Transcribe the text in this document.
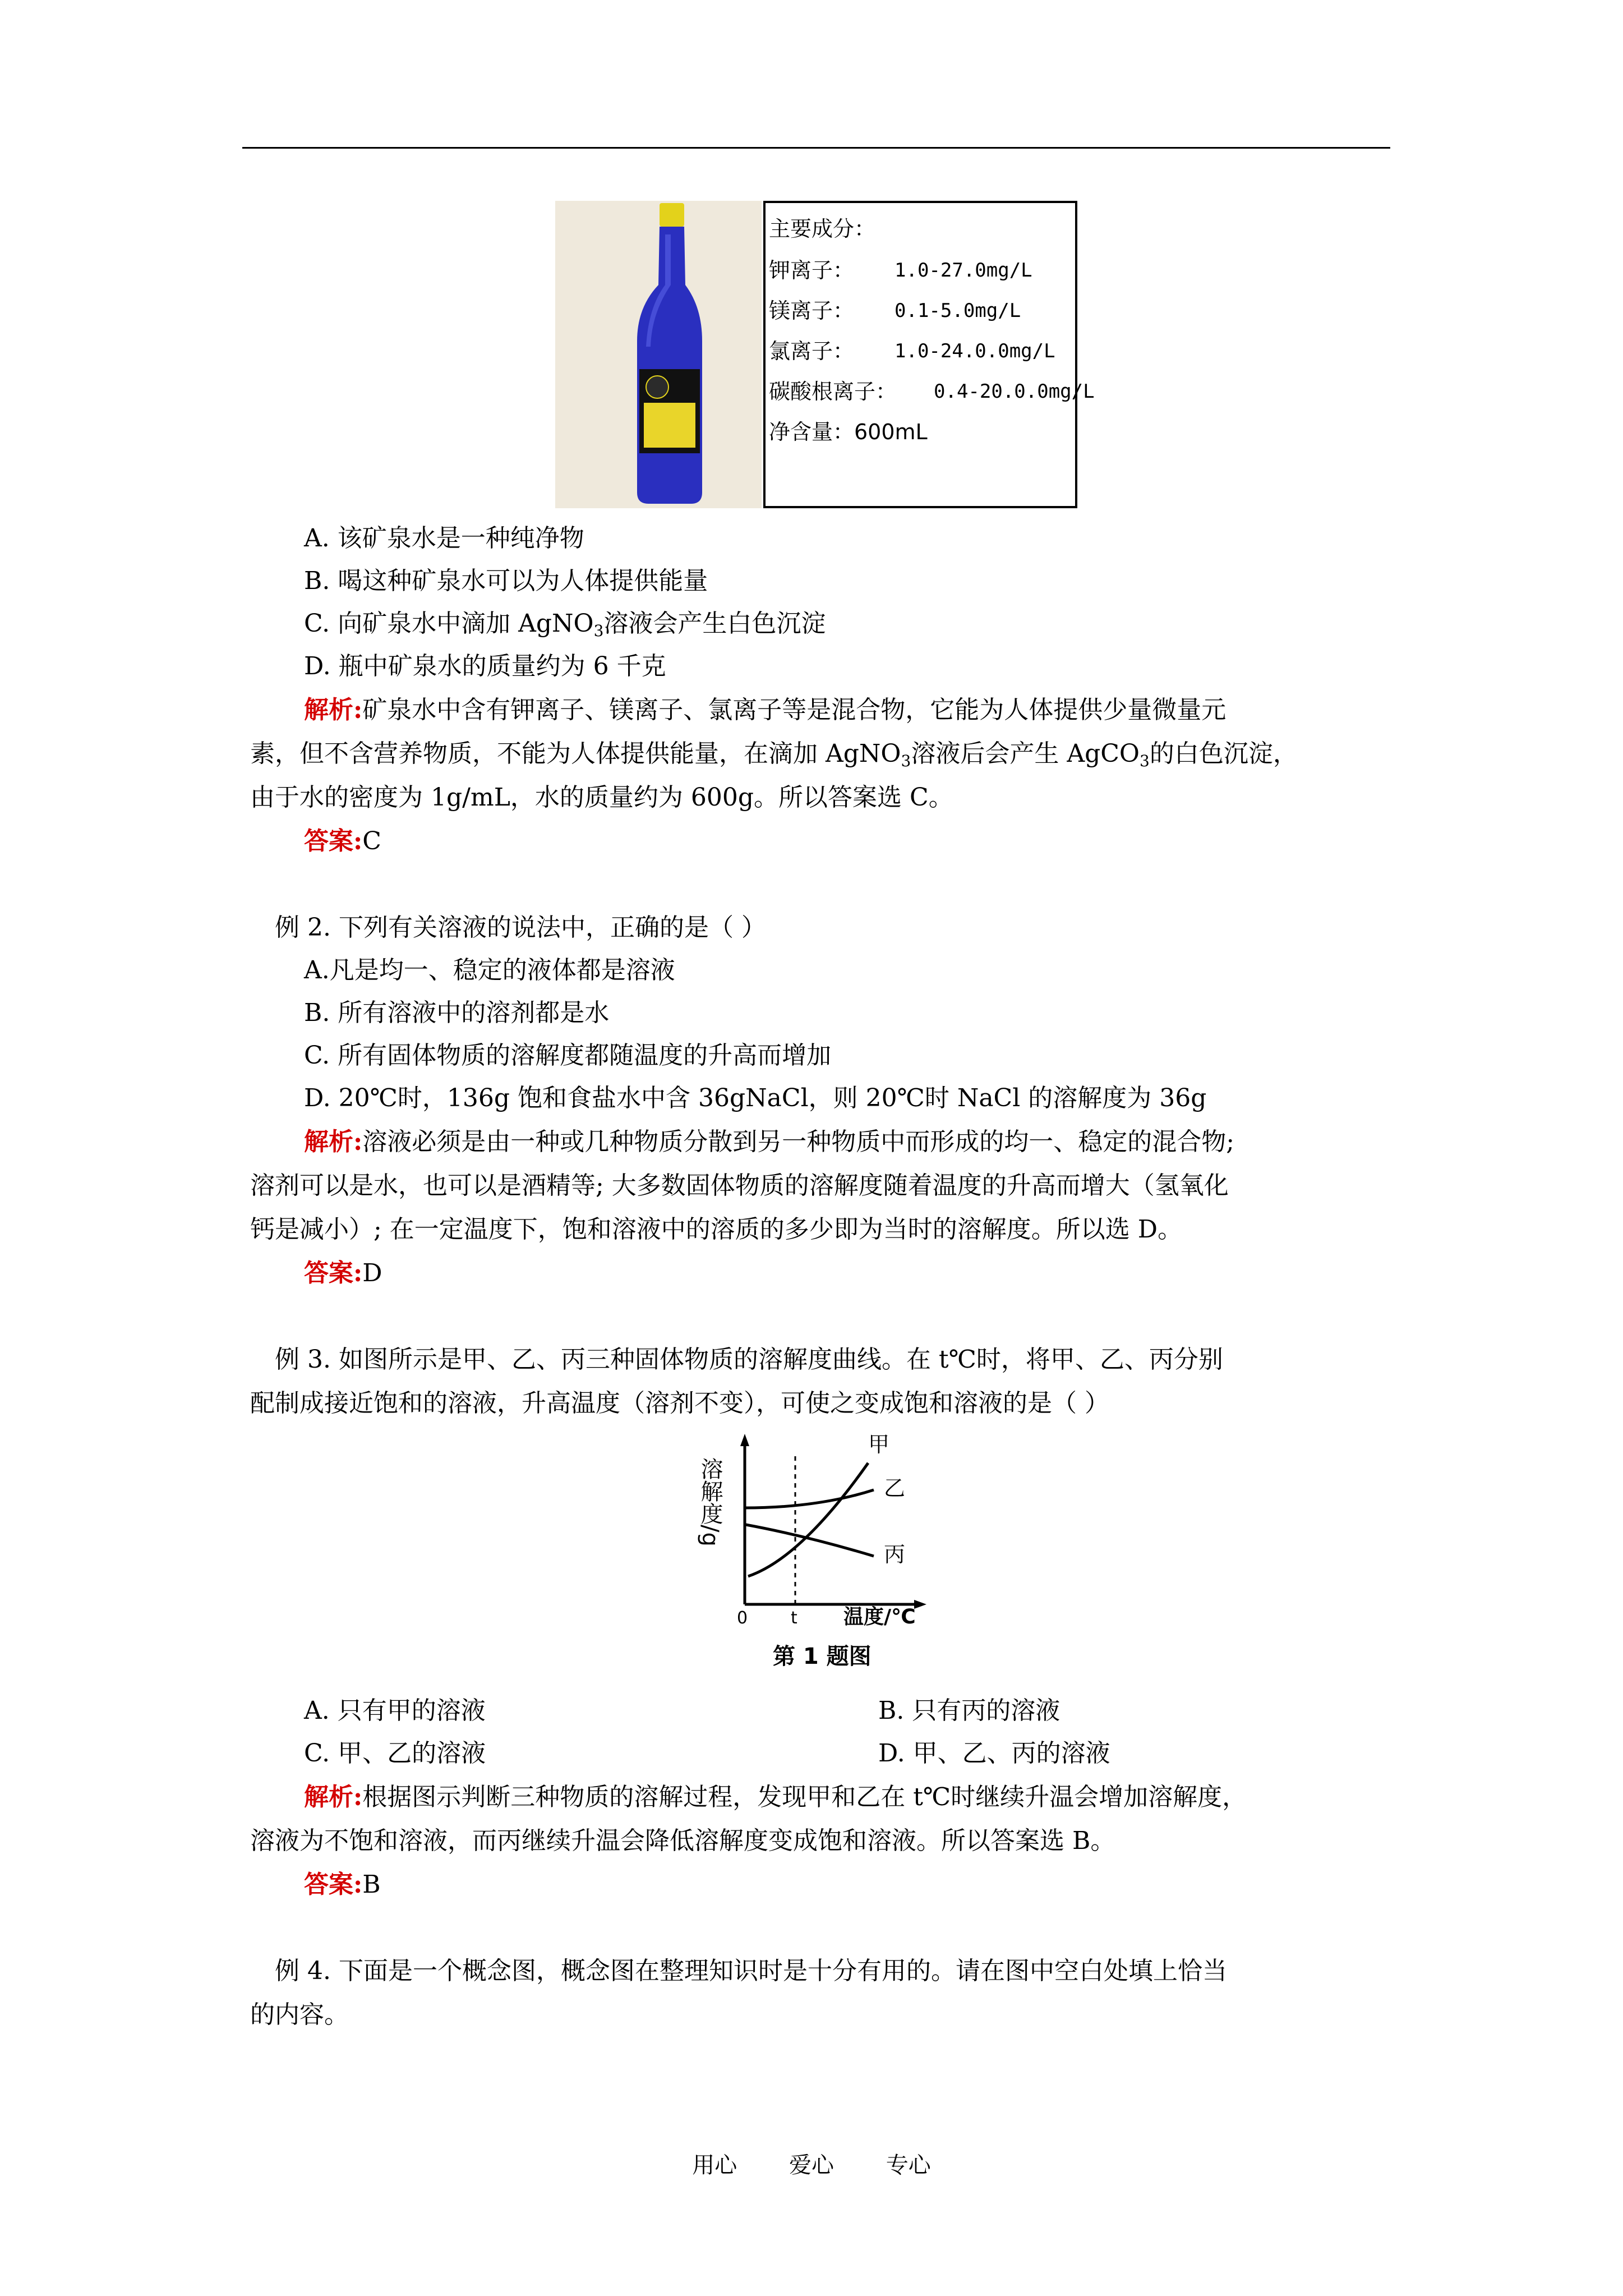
主要成分：
钾离子： 1.0-27.0mg/L
镁离子： 0.1-5.0mg/L
氯离子： 1.0-24.0.0mg/L
碳酸根离子： 0.4-20.0.0mg/L
净含量：600mL
A. 该矿泉水是一种纯净物
B. 喝这种矿泉水可以为人体提供能量
C. 向矿泉水中滴加 AgNO$_3$溶液会产生白色沉淀
D. 瓶中矿泉水的质量约为 6 千克
解析:矿泉水中含有钾离子、镁离子、氯离子等是混合物，它能为人体提供少量微量元
素，但不含营养物质，不能为人体提供能量，在滴加 AgNO$_3$溶液后会产生 AgCO$_3$的白色沉淀，
由于水的密度为 1g/mL，水的质量约为 600g。所以答案选 C。
答案:C
例 2. 下列有关溶液的说法中，正确的是（ ）
A.凡是均一、稳定的液体都是溶液
B. 所有溶液中的溶剂都是水
C. 所有固体物质的溶解度都随温度的升高而增加
D. 20℃时，136g 饱和食盐水中含 36gNaCl，则 20℃时 NaCl 的溶解度为 36g
解析:溶液必须是由一种或几种物质分散到另一种物质中而形成的均一、稳定的混合物;
溶剂可以是水，也可以是酒精等; 大多数固体物质的溶解度随着温度的升高而增大（氢氧化
钙是减小）; 在一定温度下，饱和溶液中的溶质的多少即为当时的溶解度。所以选 D。
答案:D
例 3. 如图所示是甲、乙、丙三种固体物质的溶解度曲线。在 t℃时，将甲、乙、丙分别
配制成接近饱和的溶液，升高温度（溶剂不变），可使之变成饱和溶液的是（ ）
溶解度/g
甲
乙
丙
0	t 温度/℃
第 1 题图
A. 只有甲的溶液	B. 只有丙的溶液
C. 甲、乙的溶液	D. 甲、乙、丙的溶液
解析:根据图示判断三种物质的溶解过程，发现甲和乙在 t℃时继续升温会增加溶解度，
溶液为不饱和溶液，而丙继续升温会降低溶解度变成饱和溶液。所以答案选 B。
答案:B
例 4. 下面是一个概念图，概念图在整理知识时是十分有用的。请在图中空白处填上恰当
的内容。
用心 爱心 专心
